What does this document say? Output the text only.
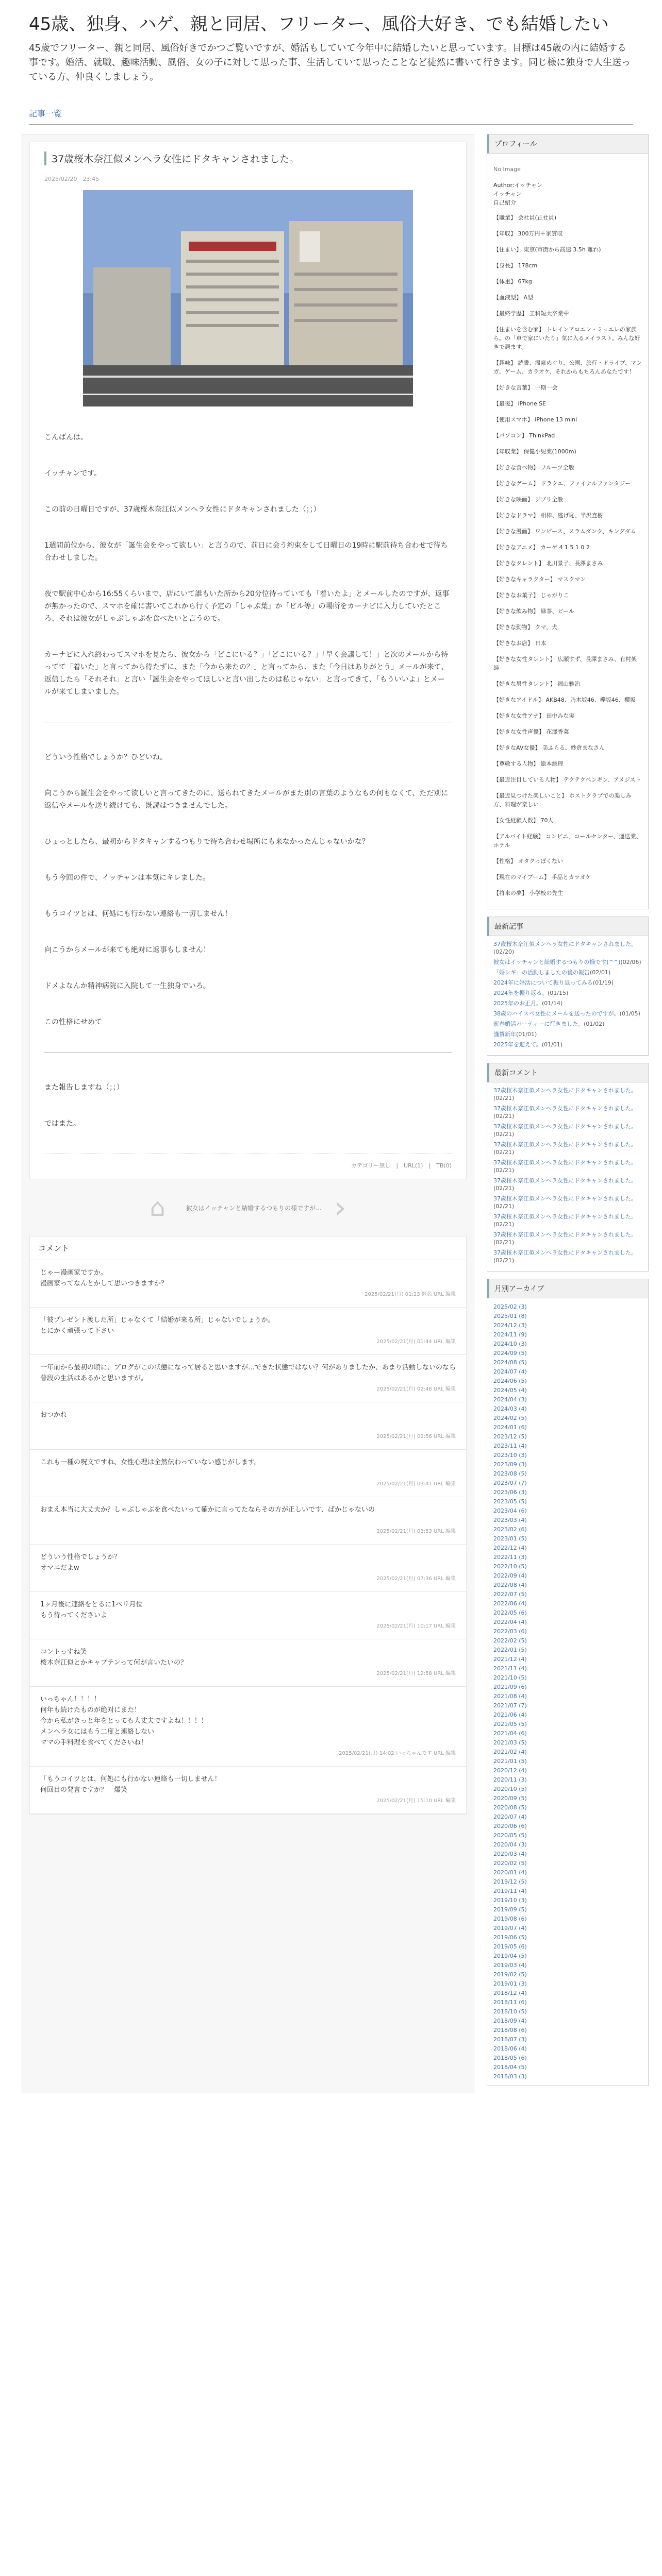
45歳、独身、ハゲ、親と同居、フリーター、風俗大好き、でも結婚したい

45歳でフリーター、親と同居、風俗好きでかつご覧いですが、婚活もしていて今年中に結婚したいと思っています。目標は45歳の内に結婚する事です。婚活、就職、趣味活動、風俗、女の子に対して思った事、生活していて思ったことなど徒然に書いて行きます。同じ様に独身で人生送っている方、仲良くしましょう。

記事一覧
37歳桜木奈江似メンヘラ女性にドタキャンされました。
2025/02/20　23:45

こんばんは。

イッチャンです。

この前の日曜日ですが、37歳桜木奈江似メンヘラ女性にドタキャンされました（；；）

1週間前位から、彼女が「誕生会をやって欲しい」と言うので、前日に会う約束をして日曜日の19時に駅前待ち合わせで待ち合わせしました。

夜で駅前中心から16:55くらいまで、店にいて誰もいた所から20分位待っていても「着いたよ」とメールしたのですが、返事が無かったので、スマホを確に書いてこれから行く予定の「しゃぶ葉」か「ビル等」の場所をカーナビに入力していたところ、それは彼女がしゃぶしゃぶを食べたいと言うので。

カーナビに入れ終わってスマホを見たら、彼女から「どこにいる？」「どこにいる？」「早く会議して！」と次のメールから待ってて「着いた」と言ってから待たずに、また「今から来たの？」と言ってから、また「今日はありがとう」メールが来て、返信したら「それそれ」と言い「誕生会をやってほしいと言い出したのは私じゃない」と言ってきて、「もういいよ」とメールが来てしまいました。

どういう性格でしょうか？ひどいね。

向こうから誕生会をやって欲しいと言ってきたのに、送られてきたメールがまた別の言葉のようなもの何もなくて、ただ別に返信やメールを送り続けても、既読はつきませんでした。

ひょっとしたら、最初からドタキャンするつもりで待ち合わせ場所にも来なかったんじゃないかな？

もう今回の件で、イッチャンは本気にキレました。

もうコイツとは、何処にも行かない連絡も一切しません！

向こうからメールが来ても絶対に返事もしません！

ドメよなんか精神病院に入院して一生独身でいろ。

この性格にせめて

また報告しますね（；；）

ではまた。

カテゴリー無し　|　URL(1)　|　TB(0)
⌂	彼女はイッチャンと結婚するつもりの様ですが... ›
コメント
じゃー漫画家ですか。
漫画家ってなんとかして思いつきますか？
2025/02/21(月) 01:23 匿名 URL 編集
「彼プレゼント渡した所」じゃなくて「結婚が来る所」じゃないでしょうか。
とにかく頑張って下さい
2025/02/21(月) 01:44 URL 編集
一年前から最初の頃に、ブログがこの状態になって居ると思いますが…できた状態ではない？何がありましたか、あまり活動しないのなら普段の生活はあるかと思いますが。
2025/02/21(月) 02:48 URL 編集
おつかれ
2025/02/21(月) 02:56 URL 編集
これも一種の呪文ですね、女性心理は全然伝わっていない感じがします。
2025/02/21(月) 03:41 URL 編集
おまえ本当に大丈夫か？しゃぶしゃぶを食べたいって確かに言ってたならその方が正しいです、ばかじゃないの
2025/02/21(月) 03:53 URL 編集
どういう性格でしょうか？
オマエだよw
2025/02/21(月) 07:36 URL 編集
1ヶ月後に連絡をとるに1ペリ月位
もう待ってくださいよ
2025/02/21(月) 10:17 URL 編集
コントっすね笑
桜木奈江似とかキャプテンって何が言いたいの？
2025/02/21(月) 12:58 URL 編集
いっちゃん！！！！
何年も続けたものが絶対にまた！
今から私がきっと年をとっても大丈夫ですよね！！！！
メンヘラ女にはもう二度と連絡しない
ママの手料理を食べてくださいね！
2025/02/21(月) 14:02 いっちゃんです URL 編集
「もうコイツとは、何処にも行かない連絡も一切しません！
何回目の発言ですか？　爆笑
2025/02/21(月) 15:10 URL 編集
プロフィール
No Image
Author:イッチャン
イッチャン
自己紹介
【職業】 会社員(正社員)
【年収】 300万円＋家賃収
【住まい】 東京(市街から高速 3.5h 離れ)
【身長】 178cm
【体重】 67kg
【血液型】 A型
【最終学歴】 工科短大卒業中
【住まいを含む家】 トレインアロエン・ミュエレの家族ら。の「車で家にいたり」気に入るメイラスト。みんな好きで居ます。
【趣味】 読書、温泉めぐり、公園、旅行・ドライブ、マンガ、ゲーム、カラオケ、それからもちろんあなたです！
【好きな言葉】 一期一会
【最後】 iPhone SE
【使用スマホ】 iPhone 13 mini
【パソコン】 ThinkPad
【年収業】 保健小児業(1000m)
【好きな食べ物】 フルーツ全般
【好きなゲーム】 ドラクエ、ファイナルファンタジー
【好きな映画】 ジブリ全般
【好きなドラマ】 相棒、逃げ恥、半沢直樹
【好きな漫画】 ワンピース、スラムダンク、キングダム
【好きなアニメ】 カーゲ 4 1 5 1 0 2
【好きなタレント】 北川景子、長澤まさみ
【好きなキャラクター】 マスクマン
【好きなお菓子】 じゃがりこ
【好きな飲み物】 緑茶、ビール
【好きな動物】 クマ、犬
【好きなお店】 日本
【好きな女性タレント】 広瀬すず、長澤まさみ、有村架純
【好きな男性タレント】 福山雅治
【好きなアイドル】 AKB48、乃木坂46、欅坂46、櫻坂
【好きな女性アナ】 田中みな実
【好きな女性声優】 花澤香菜
【好きなAV女優】 美ふらる、紗倉まなさん
【尊敬する人物】 総本総理
【最近注目している人物】 テクテクペンギン、アメジスト
【最近見つけた楽しいこと】 ホストクラブでの楽しみ方、料理が楽しい
【女性経験人数】 70人
【アルバイト経験】 コンビニ、コールセンター、運送業、ホテル
【性格】 オタクっぽくない
【現在のマイブーム】 手品とカラオケ
【将来の夢】 小学校の先生
最新記事
37歳桜木奈江似メンヘラ女性にドタキャンされました。(02/20)
彼女はイッチャンと結婚するつもりの様です(^^)(02/06)
「婚シギ」の活動しましたの後の報告(02/01)
2024年に婚活について振り返ってみる(01/19)
2024年を振り返る。(01/15)
2025年のお正月。(01/14)
38歳のハイスペ女性にメールを送ったのですが。(01/05)
新春婚活パーティーに行きました。(01/02)
謹賀新年(01/01)
2025年を迎えて。(01/01)
最新コメント
37歳桜木奈江似メンヘラ女性にドタキャンされました。(02/21)
37歳桜木奈江似メンヘラ女性にドタキャンされました。(02/21)
37歳桜木奈江似メンヘラ女性にドタキャンされました。(02/21)
37歳桜木奈江似メンヘラ女性にドタキャンされました。(02/21)
37歳桜木奈江似メンヘラ女性にドタキャンされました。(02/21)
37歳桜木奈江似メンヘラ女性にドタキャンされました。(02/21)
37歳桜木奈江似メンヘラ女性にドタキャンされました。(02/21)
37歳桜木奈江似メンヘラ女性にドタキャンされました。(02/21)
37歳桜木奈江似メンヘラ女性にドタキャンされました。(02/21)
37歳桜木奈江似メンヘラ女性にドタキャンされました。(02/21)
月別アーカイブ
2025/02 (3)
2025/01 (8)
2024/12 (3)
2024/11 (9)
2024/10 (3)
2024/09 (5)
2024/08 (5)
2024/07 (4)
2024/06 (5)
2024/05 (4)
2024/04 (3)
2024/03 (4)
2024/02 (5)
2024/01 (6)
2023/12 (5)
2023/11 (4)
2023/10 (3)
2023/09 (3)
2023/08 (5)
2023/07 (7)
2023/06 (3)
2023/05 (5)
2023/04 (6)
2023/03 (4)
2023/02 (6)
2023/01 (5)
2022/12 (4)
2022/11 (3)
2022/10 (5)
2022/09 (4)
2022/08 (4)
2022/07 (5)
2022/06 (4)
2022/05 (6)
2022/04 (4)
2022/03 (6)
2022/02 (5)
2022/01 (5)
2021/12 (4)
2021/11 (4)
2021/10 (5)
2021/09 (6)
2021/08 (4)
2021/07 (7)
2021/06 (4)
2021/05 (5)
2021/04 (6)
2021/03 (5)
2021/02 (4)
2021/01 (5)
2020/12 (4)
2020/11 (3)
2020/10 (5)
2020/09 (5)
2020/08 (5)
2020/07 (4)
2020/06 (6)
2020/05 (5)
2020/04 (3)
2020/03 (4)
2020/02 (5)
2020/01 (4)
2019/12 (5)
2019/11 (4)
2019/10 (3)
2019/09 (5)
2019/08 (6)
2019/07 (4)
2019/06 (5)
2019/05 (6)
2019/04 (5)
2019/03 (4)
2019/02 (5)
2019/01 (3)
2018/12 (4)
2018/11 (6)
2018/10 (5)
2018/09 (4)
2018/08 (6)
2018/07 (3)
2018/06 (4)
2018/05 (6)
2018/04 (5)
2018/03 (3)
